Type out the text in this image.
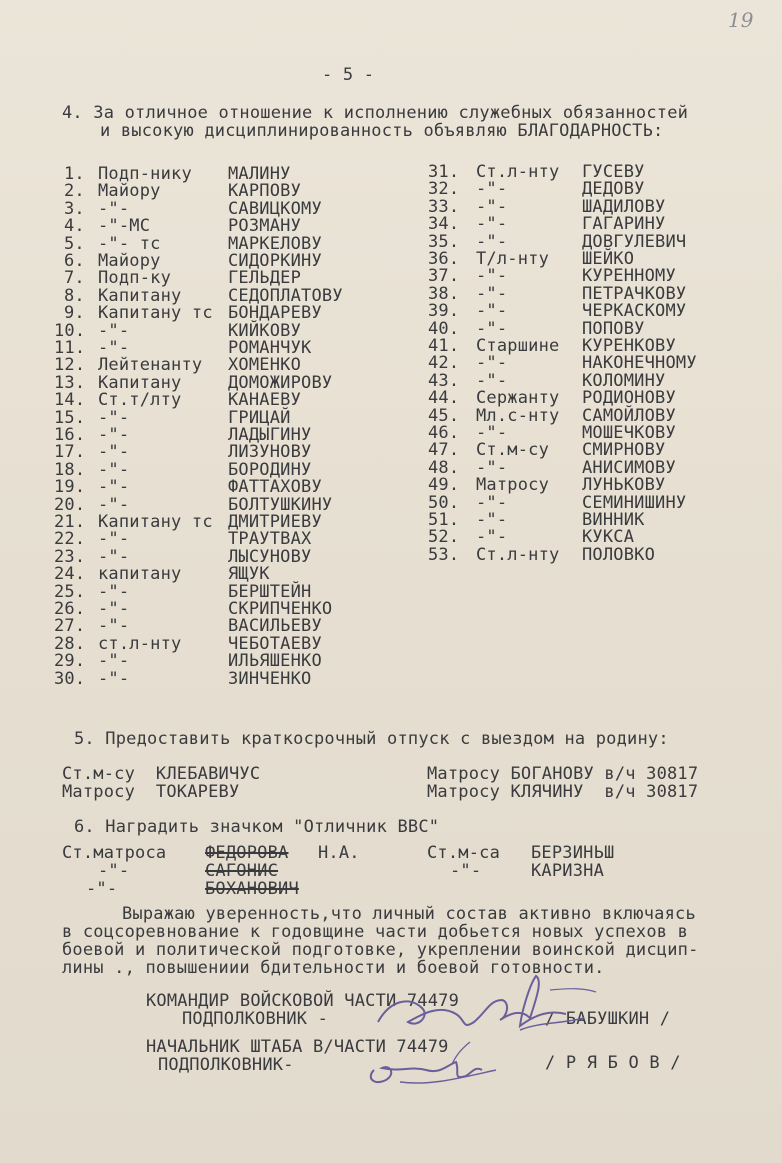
19
- 5 -
4. За отличное отношение к исполнению служебных обязанностей
и высокую дисциплинированность объявляю БЛАГОДАРНОСТЬ:
1. Подп-нику МАЛИНУ
2. Майору	КАРПОВУ
3. -"-	САВИЦКОМУ
4. -"-МС	РОЗМАНУ
5. -"- тс	МАРКЕЛОВУ
6. Майору	СИДОРКИНУ
7. Подп-ку	ГЕЛЬДЕР
8. Капитану	СЕДОПЛАТОВУ
9. Капитану тс БОНДАРЕВУ
10. -"-	КИЙКОВУ
11. -"-	РОМАНЧУК
12. Лейтенанту ХОМЕНКО
13. Капитану	ДОМОЖИРОВУ
14. Ст.т/лту	КАНАЕВУ
15. -"-	ГРИЦАЙ
16. -"-	ЛАДЫГИНУ
17. -"-	ЛИЗУНОВУ
18. -"-	БОРОДИНУ
19. -"-	ФАТТАХОВУ
20. -"-	БОЛТУШКИНУ
21. Капитану тс ДМИТРИЕВУ
22. -"-	ТРАУТВАХ
23. -"-	ЛЫСУНОВУ
24. капитану	ЯЩУК
25. -"-	БЕРШТЕЙН
26. -"-	СКРИПЧЕНКО
27. -"-	ВАСИЛЬЕВУ
28. ст.л-нту	ЧЕБОТАЕВУ
29. -"-	ИЛЬЯШЕНКО
30. -"-	ЗИНЧЕНКО
31. Ст.л-нту ГУСЕВУ
32. -"-	ДЕДОВУ
33. -"-	ШАДИЛОВУ
34. -"-	ГАГАРИНУ
35. -"-	ДОВГУЛЕВИЧ
36. Т/л-нту ШЕЙКО
37. -"-	КУРЕННОМУ
38. -"-	ПЕТРАЧКОВУ
39. -"-	ЧЕРКАСКОМУ
40. -"-	ПОПОВУ
41. Старшине КУРЕНКОВУ
42. -"-	НАКОНЕЧНОМУ
43. -"-	КОЛОМИНУ
44. Сержанту РОДИОНОВУ
45. Мл.с-нту САМОЙЛОВУ
46. -"-	МОШЕЧКОВУ
47. Ст.м-су СМИРНОВУ
48. -"-	АНИСИМОВУ
49. Матросу ЛУНЬКОВУ
50. -"-	СЕМИНИШИНУ
51. -"-	ВИННИК
52. -"-	КУКСА
53. Ст.л-нту ПОЛОВКО
5. Предоставить краткосрочный отпуск с выездом на родину:
Ст.м-су  КЛЕБАВИЧУС
Матросу  ТОКАРЕВУ
Матросу БОГАНОВУ в/ч 30817
Матросу КЛЯЧИНУ  в/ч 30817
6. Наградить значком "Отличник ВВС"
Ст.матроса ФЕДОРОВА Н.А.
-"-	САГОНИС
-"-	БОХАНОВИЧ
Ст.м-са БЕРЗИНЬШ
-"-	КАРИЗНА
Выражаю уверенность,что личный состав активно включаясь
в соцсоревнование к годовщине части добьется новых успехов в
боевой и политической подготовке, укреплении воинской дисцип-
лины ., повышениии бдительности и боевой готовности.
КОМАНДИР ВОЙСКОВОЙ ЧАСТИ 74479
ПОДПОЛКОВНИК -	/ БАБУШКИН /
НАЧАЛЬНИК ШТАБА В/ЧАСТИ 74479
ПОДПОЛКОВНИК-	/ Р Я Б О В /
